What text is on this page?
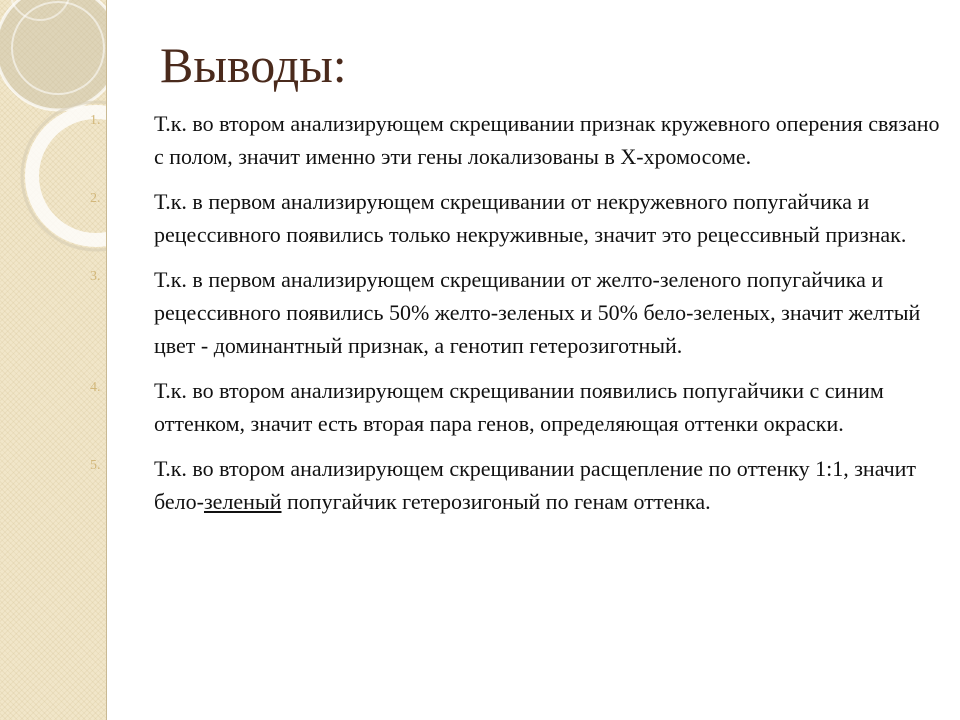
Выводы:
1.	Т.к. во втором анализирующем скрещивании признак кружевного оперения связано с полом, значит именно эти гены локализованы в Х-хромосоме.
2.	Т.к. в первом анализирующем скрещивании от некружевного попугайчика и рецессивного появились только некруживные, значит это рецессивный признак.
3.	Т.к. в первом анализирующем скрещивании от желто-зеленого попугайчика и рецессивного появились 50% желто-зеленых и 50% бело-зеленых, значит желтый цвет - доминантный признак, а генотип гетерозиготный.
4.	Т.к. во втором анализирующем скрещивании появились попугайчики с синим оттенком, значит есть вторая пара генов, определяющая оттенки окраски.
5.	Т.к. во втором анализирующем скрещивании расщепление по оттенку 1:1, значит бело-зеленый попугайчик гетерозигоный по генам оттенка.
